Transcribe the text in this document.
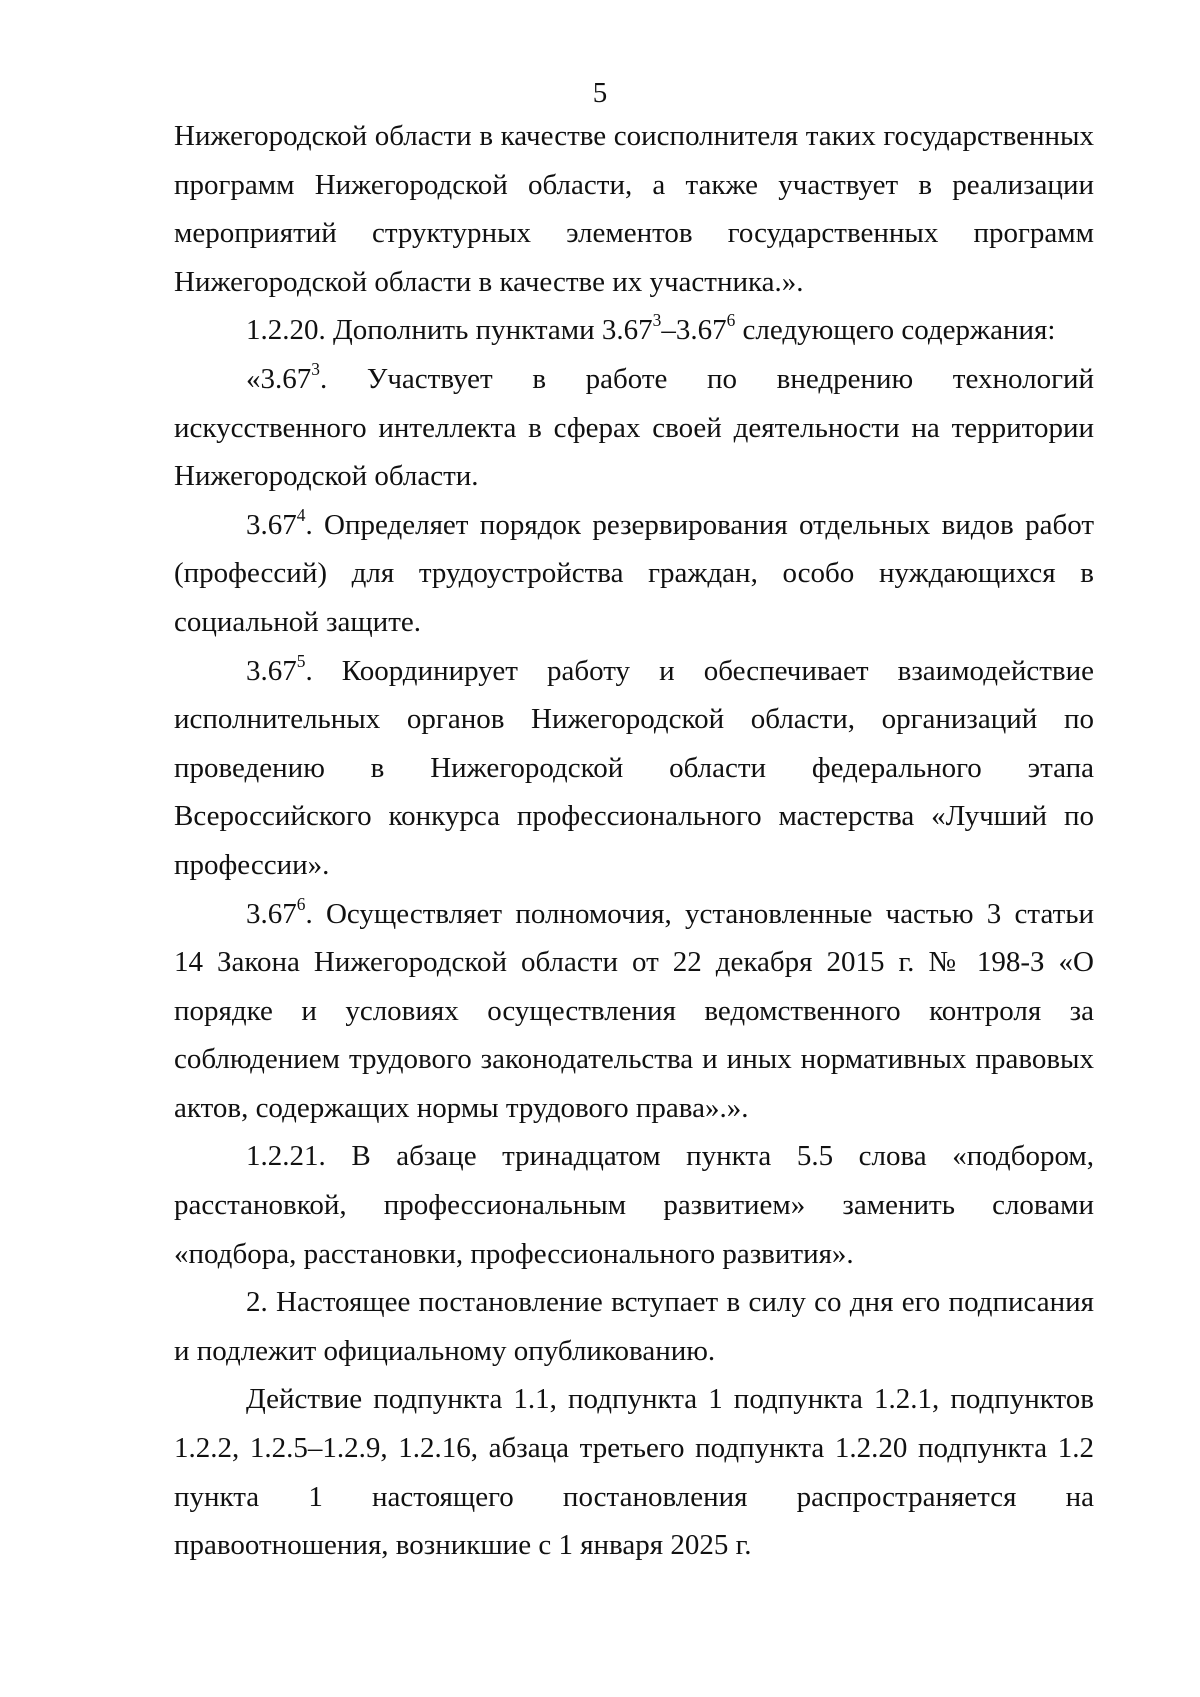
5

Нижегородской области в качестве соисполнителя таких государственных программ Нижегородской области, а также участвует в реализации мероприятий структурных элементов государственных программ Нижегородской области в качестве их участника.».

1.2.20. Дополнить пунктами 3.67$^3$–3.67$^6$ следующего содержания:

«3.67$^3$. Участвует в работе по внедрению технологий искусственного интеллекта в сферах своей деятельности на территории Нижегородской области.

3.67$^4$. Определяет порядок резервирования отдельных видов работ (профессий) для трудоустройства граждан, особо нуждающихся в социальной защите.

3.67$^5$. Координирует работу и обеспечивает взаимодействие исполнительных органов Нижегородской области, организаций по проведению в Нижегородской области федерального этапа Всероссийского конкурса профессионального мастерства «Лучший по профессии».

3.67$^6$. Осуществляет полномочия, установленные частью 3 статьи 14 Закона Нижегородской области от 22 декабря 2015 г. № 198-З «О порядке и условиях осуществления ведомственного контроля за соблюдением трудового законодательства и иных нормативных правовых актов, содержащих нормы трудового права».».

1.2.21. В абзаце тринадцатом пункта 5.5 слова «подбором, расстановкой, профессиональным развитием» заменить словами «подбора, расстановки, профессионального развития».

2. Настоящее постановление вступает в силу со дня его подписания и подлежит официальному опубликованию.

Действие подпункта 1.1, подпункта 1 подпункта 1.2.1, подпунктов 1.2.2, 1.2.5–1.2.9, 1.2.16, абзаца третьего подпункта 1.2.20 подпункта 1.2 пункта 1 настоящего постановления распространяется на правоотношения, возникшие с 1 января 2025 г.
